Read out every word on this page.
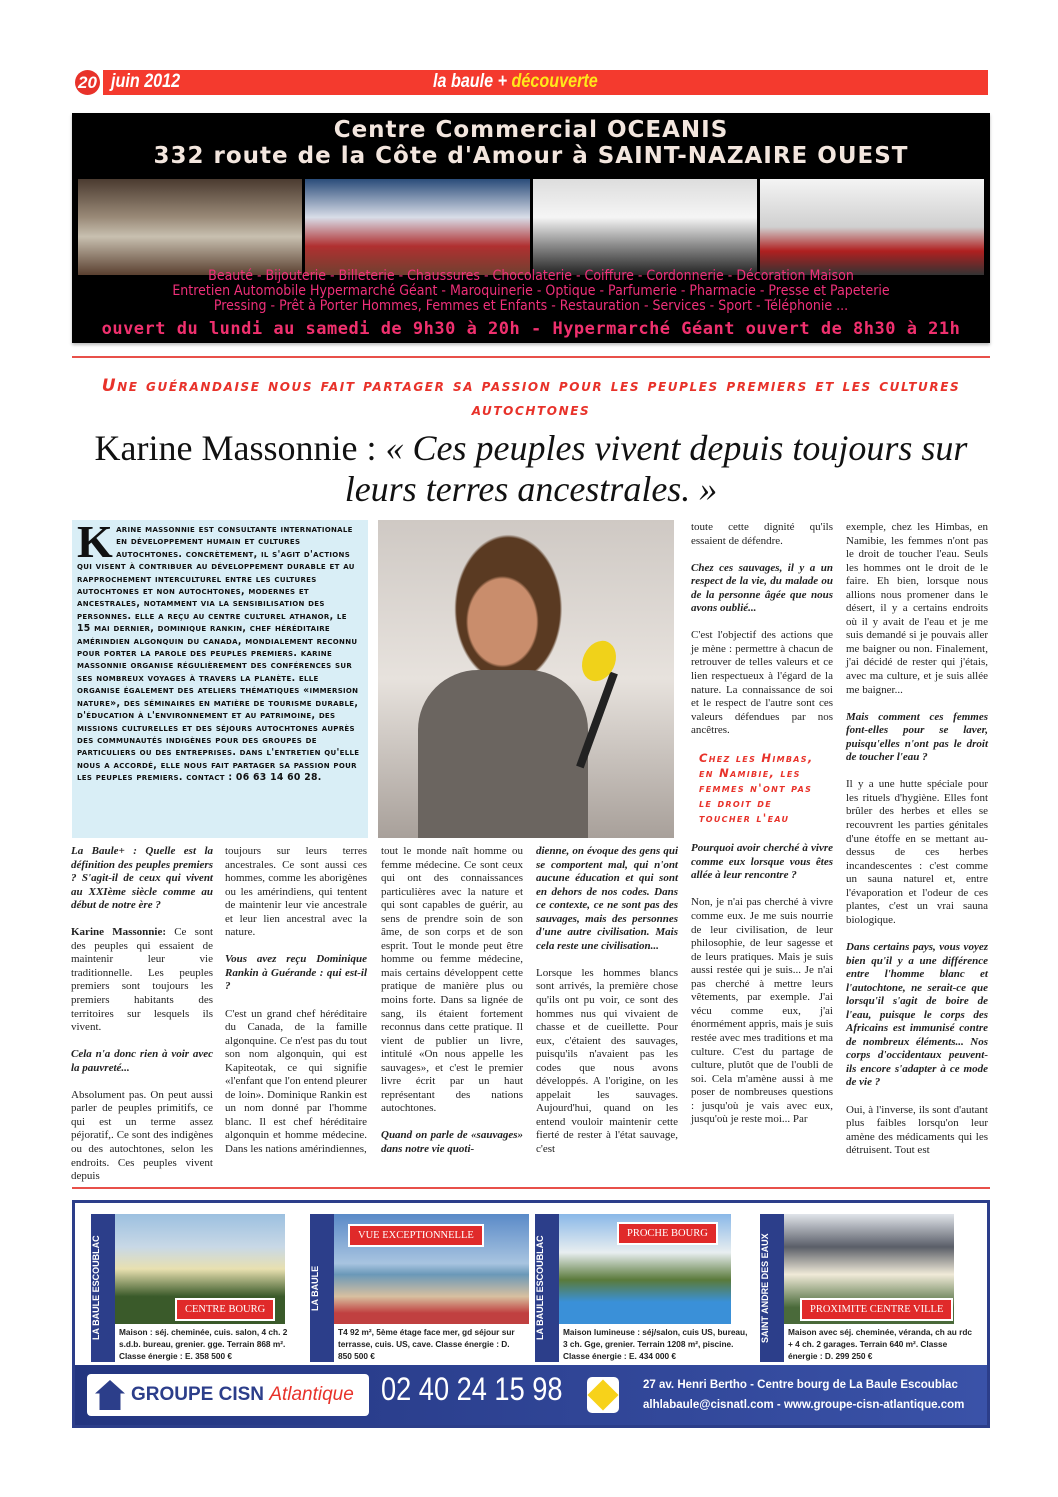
20 juin 2012	la baule + découverte
Centre Commercial OCEANIS
332 route de la Côte d'Amour à SAINT-NAZAIRE OUEST
Beauté - Bijouterie - Billeterie - Chaussures - Chocolaterie - Coiffure - Cordonnerie - Décoration Maison
Entretien Automobile Hypermarché Géant - Maroquinerie - Optique - Parfumerie - Pharmacie - Presse et Papeterie
Pressing - Prêt à Porter Hommes, Femmes et Enfants - Restauration - Services - Sport - Téléphonie ...
ouvert du lundi au samedi de 9h30 à 20h - Hypermarché Géant ouvert de 8h30 à 21h
Une guérandaise nous fait partager sa passion pour les peuples premiers et les cultures autochtones
Karine Massonnie : « Ces peuples vivent depuis toujours sur leurs terres ancestrales. »
Karine massonnie est consultante internationale en développement humain et cultures autochtones. concrètement, il s'agit d'actions qui visent à contribuer au développement durable et au rapprochement interculturel entre les cultures autochtones et non autochtones, modernes et ancestrales, notamment via la sensibilisation des personnes. elle a reçu au centre culturel athanor, le 15 mai dernier, dominique rankin, chef héréditaire amérindien algonquin du canada, mondialement reconnu pour porter la parole des peuples premiers. karine massonnie organise régulièrement des conférences sur ses nombreux voyages à travers la planète. elle organise également des ateliers thématiques «immersion nature», des séminaires en matière de tourisme durable, d'éducation à l'environnement et au patrimoine, des missions culturelles et des séjours autochtones auprès des communautés indigènes pour des groupes de particuliers ou des entreprises. dans l'entretien qu'elle nous a accordé, elle nous fait partager sa passion pour les peuples premiers. contact : 06 63 14 60 28.

La Baule+ : Quelle est la définition des peuples premiers ? S'agit-il de ceux qui vivent au XXIème siècle comme au début de notre ère ?

Karine Massonnie: Ce sont des peuples qui essaient de maintenir leur vie traditionnelle. Les peuples premiers sont toujours les premiers habitants des territoires sur lesquels ils vivent.

Cela n'a donc rien à voir avec la pauvreté...

Absolument pas. On peut aussi parler de peuples primitifs, ce qui est un terme assez péjoratif,. Ce sont des indigènes ou des autochtones, selon les endroits. Ces peuples vivent depuis

toujours sur leurs terres ancestrales. Ce sont aussi ces hommes, comme les aborigènes ou les amérindiens, qui tentent de maintenir leur vie ancestrale et leur lien ancestral avec la nature.

Vous avez reçu Dominique Rankin à Guérande : qui est-il ?

C'est un grand chef héréditaire du Canada, de la famille algonquine. Ce n'est pas du tout son nom algonquin, qui est Kapiteotak, ce qui signifie «l'enfant que l'on entend pleurer de loin». Dominique Rankin est un nom donné par l'homme blanc. Il est chef héréditaire algonquin et homme médecine. Dans les nations amérindiennes,

tout le monde naît homme ou femme médecine. Ce sont ceux qui ont des connaissances particulières avec la nature et qui sont capables de guérir, au sens de prendre soin de son âme, de son corps et de son esprit. Tout le monde peut être homme ou femme médecine, mais certains développent cette pratique de manière plus ou moins forte. Dans sa lignée de sang, ils étaient fortement reconnus dans cette pratique. Il vient de publier un livre, intitulé «On nous appelle les sauvages», et c'est le premier livre écrit par un haut représentant des nations autochtones.

Quand on parle de «sauvages» dans notre vie quoti-

dienne, on évoque des gens qui se comportent mal, qui n'ont aucune éducation et qui sont en dehors de nos codes. Dans ce contexte, ce ne sont pas des sauvages, mais des personnes d'une autre civilisation. Mais cela reste une civilisation...

Lorsque les hommes blancs sont arrivés, la première chose qu'ils ont pu voir, ce sont des hommes nus qui vivaient de chasse et de cueillette. Pour eux, c'étaient des sauvages, puisqu'ils n'avaient pas les codes que nous avons développés. A l'origine, on les appelait les sauvages. Aujourd'hui, quand on les entend vouloir maintenir cette fierté de rester à l'état sauvage, c'est

toute cette dignité qu'ils essaient de défendre.

Chez ces sauvages, il y a un respect de la vie, du malade ou de la personne âgée que nous avons oublié...

C'est l'objectif des actions que je mène : permettre à chacun de retrouver de telles valeurs et ce lien respectueux à l'égard de la nature. La connaissance de soi et le respect de l'autre sont ces valeurs défendues par nos ancêtres.

Chez les Himbas, en Namibie, les femmes n'ont pas le droit de toucher l'eau

Pourquoi avoir cherché à vivre comme eux lorsque vous êtes allée à leur rencontre ?

Non, je n'ai pas cherché à vivre comme eux. Je me suis nourrie de leur civilisation, de leur philosophie, de leur sagesse et de leurs pratiques. Mais je suis aussi restée qui je suis... Je n'ai pas cherché à mettre leurs vêtements, par exemple. J'ai vécu comme eux, j'ai énormément appris, mais je suis restée avec mes traditions et ma culture. C'est du partage de culture, plutôt que de l'oubli de soi. Cela m'amène aussi à me poser de nombreuses questions : jusqu'où je vais avec eux, jusqu'où je reste moi... Par

exemple, chez les Himbas, en Namibie, les femmes n'ont pas le droit de toucher l'eau. Seuls les hommes ont le droit de le faire. Eh bien, lorsque nous allions nous promener dans le désert, il y a certains endroits où il y avait de l'eau et je me suis demandé si je pouvais aller me baigner ou non. Finalement, j'ai décidé de rester qui j'étais, avec ma culture, et je suis allée me baigner...

Mais comment ces femmes font-elles pour se laver, puisqu'elles n'ont pas le droit de toucher l'eau ?

Il y a une hutte spéciale pour les rituels d'hygiène. Elles font brûler des herbes et elles se recouvrent les parties génitales d'une étoffe en se mettant au-dessus de ces herbes incandescentes : c'est comme un sauna naturel et, entre l'évaporation et l'odeur de ces plantes, c'est un vrai sauna biologique.

Dans certains pays, vous voyez bien qu'il y a une différence entre l'homme blanc et l'autochtone, ne serait-ce que lorsqu'il s'agit de boire de l'eau, puisque le corps des Africains est immunisé contre de nombreux éléments... Nos corps d'occidentaux peuvent-ils encore s'adapter à ce mode de vie ?

Oui, à l'inverse, ils sont d'autant plus faibles lorsqu'on leur amène des médicaments qui les détruisent. Tout est

LA BAULE ESCOUBLAC	CENTRE BOURG
Maison : séj. cheminée, cuis. salon, 4 ch. 2 s.d.b. bureau, grenier. gge. Terrain 868 m². Classe énergie : E. 358 500 €
LA BAULE
VUE EXCEPTIONNELLE
T4 92 m², 5ème étage face mer, gd séjour sur terrasse, cuis. US, cave. Classe énergie : D. 850 500 €
LA BAULE ESCOUBLAC
PROCHE BOURG
Maison lumineuse : séj/salon, cuis US, bureau, 3 ch. Gge, grenier. Terrain 1208 m², piscine. Classe énergie : E. 434 000 €
SAINT ANDRE DES EAUX	PROXIMITE CENTRE VILLE
Maison avec séj. cheminée, véranda, ch au rdc + 4 ch. 2 garages. Terrain 640 m². Classe énergie : D. 299 250 €
GROUPE CISN Atlantique 02 40 24 15 98	27 av. Henri Bertho - Centre bourg de La Baule Escoublac
alhlabaule@cisnatl.com - www.groupe-cisn-atlantique.com
